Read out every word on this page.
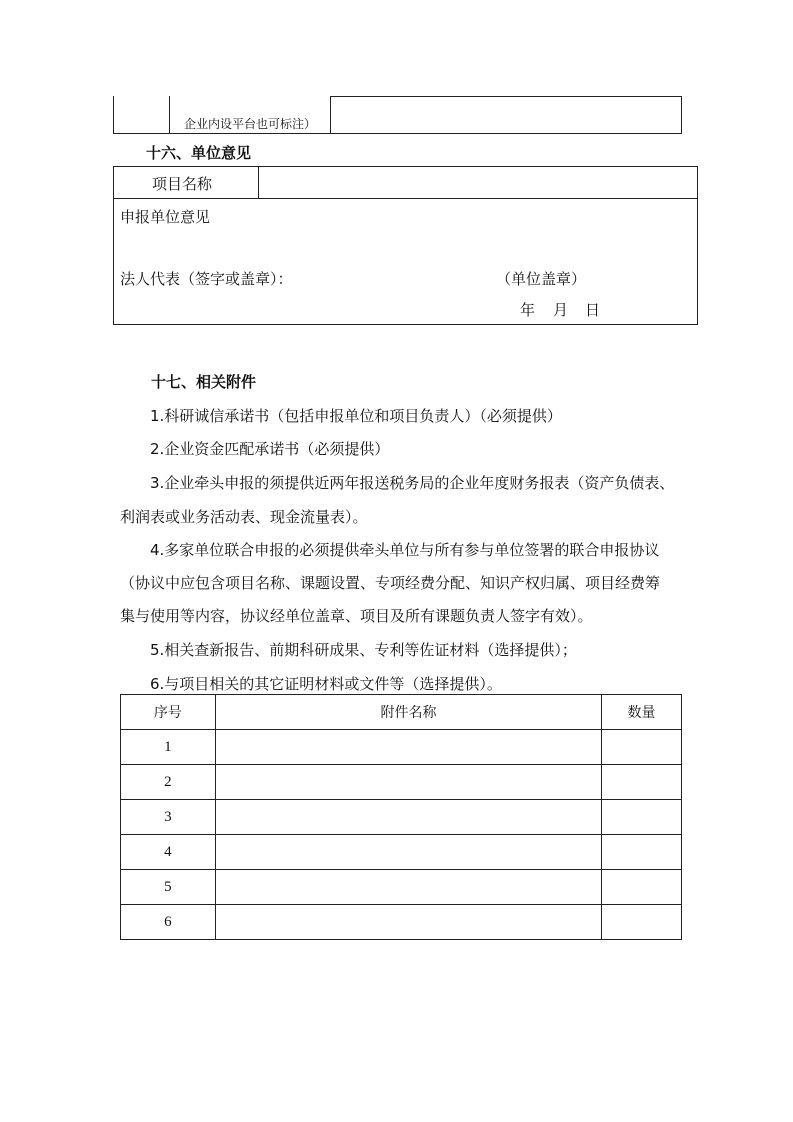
企业内设平台也可标注）
十六、单位意见
项目名称
申报单位意见
法人代表（签字或盖章）：	（单位盖章）
年 月 日
十七、相关附件
1.科研诚信承诺书（包括申报单位和项目负责人）（必须提供）
2.企业资金匹配承诺书（必须提供）
3.企业牵头申报的须提供近两年报送税务局的企业年度财务报表（资产负债表、
利润表或业务活动表、现金流量表）。
4.多家单位联合申报的必须提供牵头单位与所有参与单位签署的联合申报协议
（协议中应包含项目名称、课题设置、专项经费分配、知识产权归属、项目经费筹
集与使用等内容，协议经单位盖章、项目及所有课题负责人签字有效）。
5.相关查新报告、前期科研成果、专利等佐证材料（选择提供）；
6.与项目相关的其它证明材料或文件等（选择提供）。
序号	附件名称	数量
1		
2		
3		
4		
5		
6		
